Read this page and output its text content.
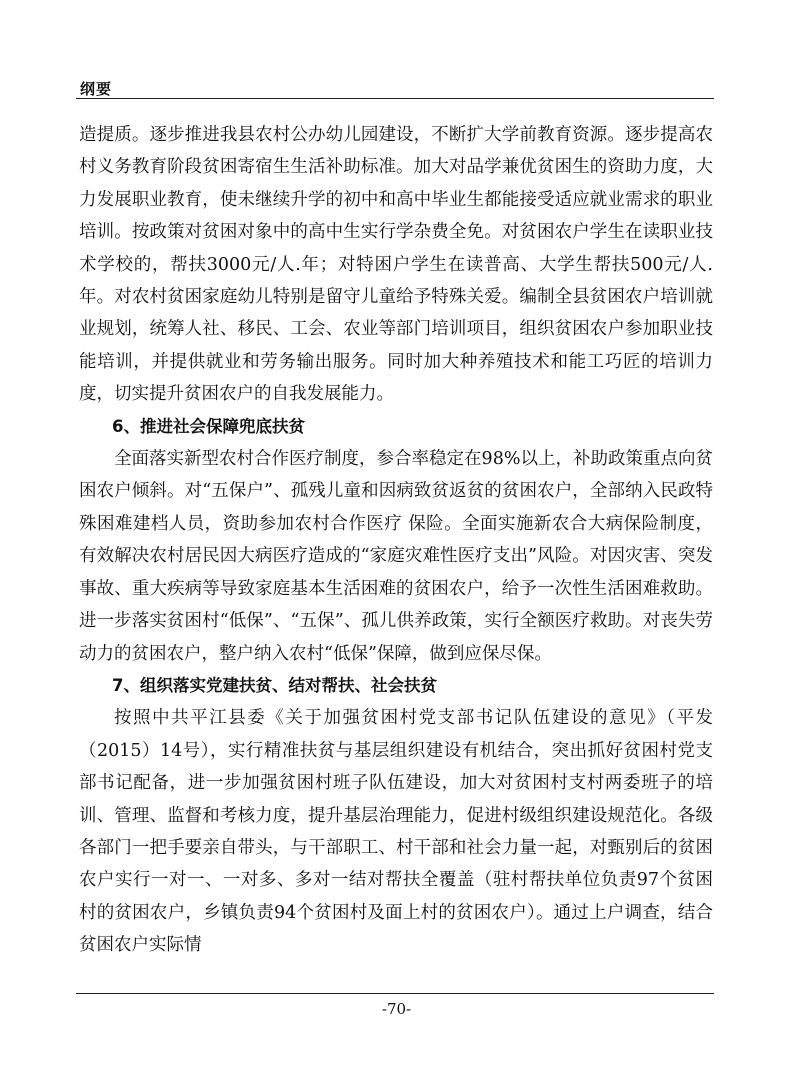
纲要

造提质。逐步推进我县农村公办幼儿园建设，不断扩大学前教育资源。逐步提高农村义务教育阶段贫困寄宿生生活补助标准。加大对品学兼优贫困生的资助力度，大力发展职业教育，使未继续升学的初中和高中毕业生都能接受适应就业需求的职业培训。按政策对贫困对象中的高中生实行学杂费全免。对贫困农户学生在读职业技术学校的，帮扶3000元/人.年；对特困户学生在读普高、大学生帮扶500元/人.年。对农村贫困家庭幼儿特别是留守儿童给予特殊关爱。编制全县贫困农户培训就业规划，统筹人社、移民、工会、农业等部门培训项目，组织贫困农户参加职业技能培训，并提供就业和劳务输出服务。同时加大种养殖技术和能工巧匠的培训力度，切实提升贫困农户的自我发展能力。

6、推进社会保障兜底扶贫

全面落实新型农村合作医疗制度，参合率稳定在98%以上，补助政策重点向贫困农户倾斜。对“五保户”、孤残儿童和因病致贫返贫的贫困农户，全部纳入民政特殊困难建档人员，资助参加农村合作医疗 保险。全面实施新农合大病保险制度，有效解决农村居民因大病医疗造成的“家庭灾难性医疗支出”风险。对因灾害、突发事故、重大疾病等导致家庭基本生活困难的贫困农户，给予一次性生活困难救助。进一步落实贫困村“低保”、“五保”、孤儿供养政策，实行全额医疗救助。对丧失劳动力的贫困农户，整户纳入农村“低保”保障，做到应保尽保。

7、组织落实党建扶贫、结对帮扶、社会扶贫

按照中共平江县委《关于加强贫困村党支部书记队伍建设的意见》（平发（2015）14号），实行精准扶贫与基层组织建设有机结合，突出抓好贫困村党支部书记配备，进一步加强贫困村班子队伍建设，加大对贫困村支村两委班子的培训、管理、监督和考核力度，提升基层治理能力，促进村级组织建设规范化。各级各部门一把手要亲自带头，与干部职工、村干部和社会力量一起，对甄别后的贫困农户实行一对一、一对多、多对一结对帮扶全覆盖（驻村帮扶单位负责97个贫困村的贫困农户，乡镇负责94个贫困村及面上村的贫困农户）。通过上户调查，结合贫困农户实际情

-70-
